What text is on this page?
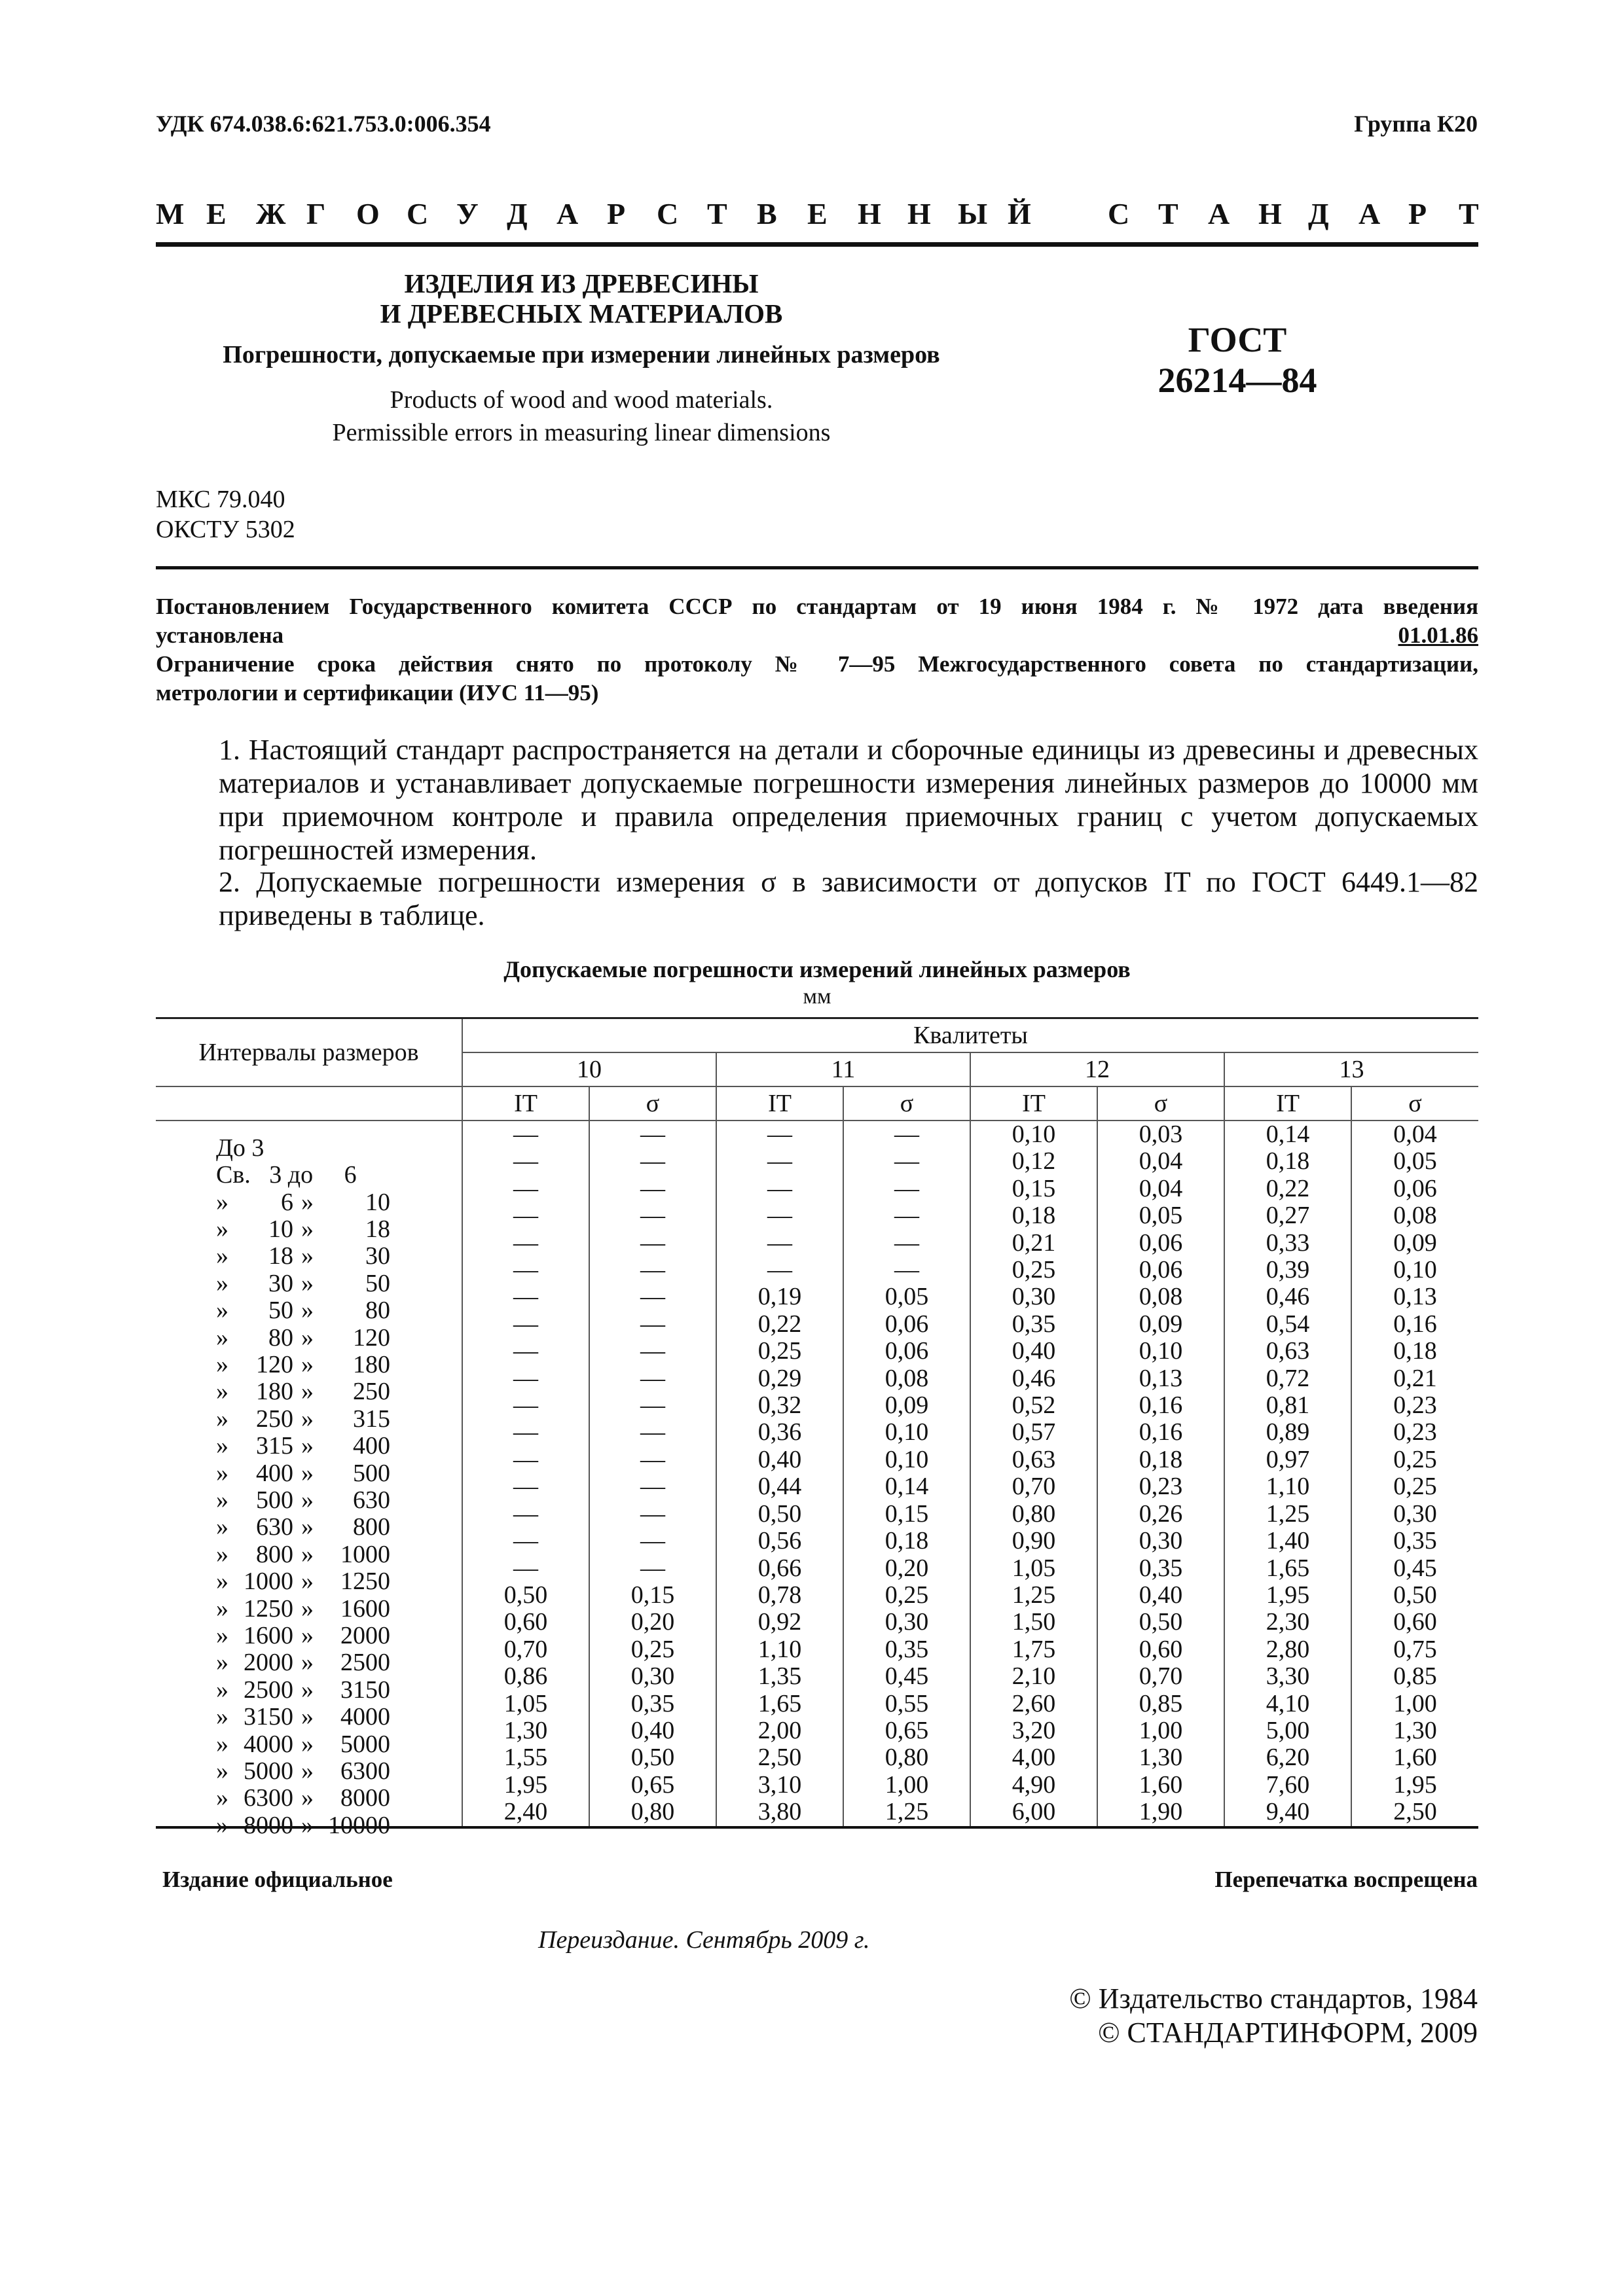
УДК 674.038.6:621.753.0:006.354	Группа К20
М Е Ж Г О С У Д А Р С Т В Е Н Н Ы Й	С Т А Н Д А Р Т
ИЗДЕЛИЯ ИЗ ДРЕВЕСИНЫ
И ДРЕВЕСНЫХ МАТЕРИАЛОВ
Погрешности, допускаемые при измерении линейных размеров
Products of wood and wood materials.
Permissible errors in measuring linear dimensions
ГОСТ
26214—84
МКС 79.040
ОКСТУ 5302
Постановлением Государственного комитета СССР по стандартам от 19 июня 1984 г. № 1972 дата введения
установлена	01.01.86
Ограничение срока действия снято по протоколу № 7—95 Межгосударственного совета по стандартизации,
метрологии и сертификации (ИУС 11—95)
1. Настоящий стандарт распространяется на детали и сборочные единицы из древесины и древесных материалов и устанавливает допускаемые погрешности измерения линейных размеров до 10000 мм при приемочном контроле и правила определения приемочных границ с учетом допускаемых погрешностей измерения.
2. Допускаемые погрешности измерения σ в зависимости от допусков IT по ГОСТ 6449.1—82 приведены в таблице.
Допускаемые погрешности измерений линейных размеров
мм
Интервалы размеров	Квалитеты							
	10		11		12		13	
	IT	σ	IT	σ	IT	σ	IT	σ

До 3	—	—	—	—	0,10	0,03	0,14	0,04

Св.   3 до     6	—	—	—	—	0,12	0,04	0,18	0,05

» 6 » 10	—	—	—	—	0,15	0,04	0,22	0,06

» 10 » 18	—	—	—	—	0,18	0,05	0,27	0,08

» 18 » 30	—	—	—	—	0,21	0,06	0,33	0,09

» 30 » 50	—	—	—	—	0,25	0,06	0,39	0,10

» 50 » 80	—	—	0,19	0,05	0,30	0,08	0,46	0,13

» 80 » 120	—	—	0,22	0,06	0,35	0,09	0,54	0,16

» 120 » 180	—	—	0,25	0,06	0,40	0,10	0,63	0,18

» 180 » 250	—	—	0,29	0,08	0,46	0,13	0,72	0,21

» 250 » 315	—	—	0,32	0,09	0,52	0,16	0,81	0,23

» 315 » 400	—	—	0,36	0,10	0,57	0,16	0,89	0,23

» 400 » 500	—	—	0,40	0,10	0,63	0,18	0,97	0,25

» 500 » 630	—	—	0,44	0,14	0,70	0,23	1,10	0,25

» 630 » 800	—	—	0,50	0,15	0,80	0,26	1,25	0,30

» 800 » 1000	—	—	0,56	0,18	0,90	0,30	1,40	0,35

» 1000 » 1250	—	—	0,66	0,20	1,05	0,35	1,65	0,45

» 1250 » 1600	0,50	0,15	0,78	0,25	1,25	0,40	1,95	0,50

» 1600 » 2000	0,60	0,20	0,92	0,30	1,50	0,50	2,30	0,60

» 2000 » 2500	0,70	0,25	1,10	0,35	1,75	0,60	2,80	0,75

» 2500 » 3150	0,86	0,30	1,35	0,45	2,10	0,70	3,30	0,85

» 3150 » 4000	1,05	0,35	1,65	0,55	2,60	0,85	4,10	1,00

» 4000 » 5000	1,30	0,40	2,00	0,65	3,20	1,00	5,00	1,30

» 5000 » 6300	1,55	0,50	2,50	0,80	4,00	1,30	6,20	1,60

» 6300 » 8000	1,95	0,65	3,10	1,00	4,90	1,60	7,60	1,95

» 8000 » 10000	2,40	0,80	3,80	1,25	6,00	1,90	9,40	2,50
Издание официальное	Перепечатка воспрещена
Переиздание. Сентябрь 2009 г.
© Издательство стандартов, 1984
© СТАНДАРТИНФОРМ, 2009
